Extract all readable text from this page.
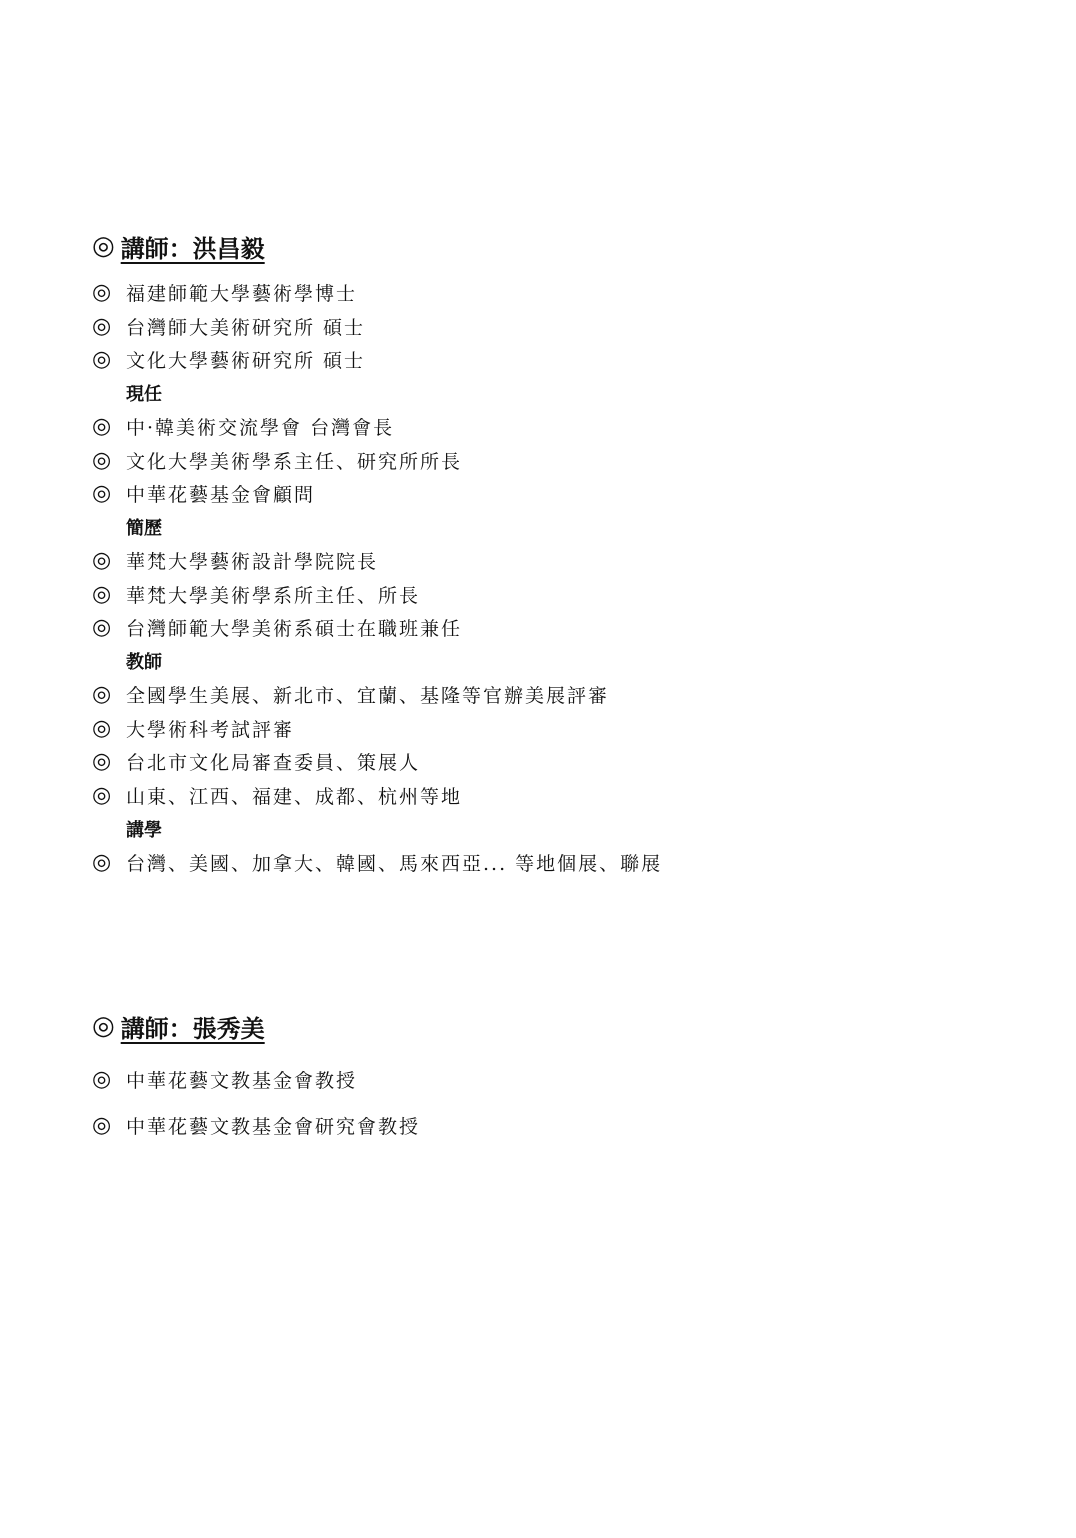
◎ 講師：洪昌毅
◎ 福建師範大學藝術學博士
◎ 台灣師大美術研究所 碩士
◎ 文化大學藝術研究所 碩士
現任
◎ 中·韓美術交流學會 台灣會長
◎ 文化大學美術學系主任、研究所所長
◎ 中華花藝基金會顧問
簡歷
◎ 華梵大學藝術設計學院院長
◎ 華梵大學美術學系所主任、所長
◎ 台灣師範大學美術系碩士在職班兼任
教師
◎ 全國學生美展、新北市、宜蘭、基隆等官辦美展評審
◎ 大學術科考試評審
◎ 台北市文化局審查委員、策展人
◎ 山東、江西、福建、成都、杭州等地
講學
◎ 台灣、美國、加拿大、韓國、馬來西亞... 等地個展、聯展
◎ 講師：張秀美
◎ 中華花藝文教基金會教授
◎ 中華花藝文教基金會研究會教授
